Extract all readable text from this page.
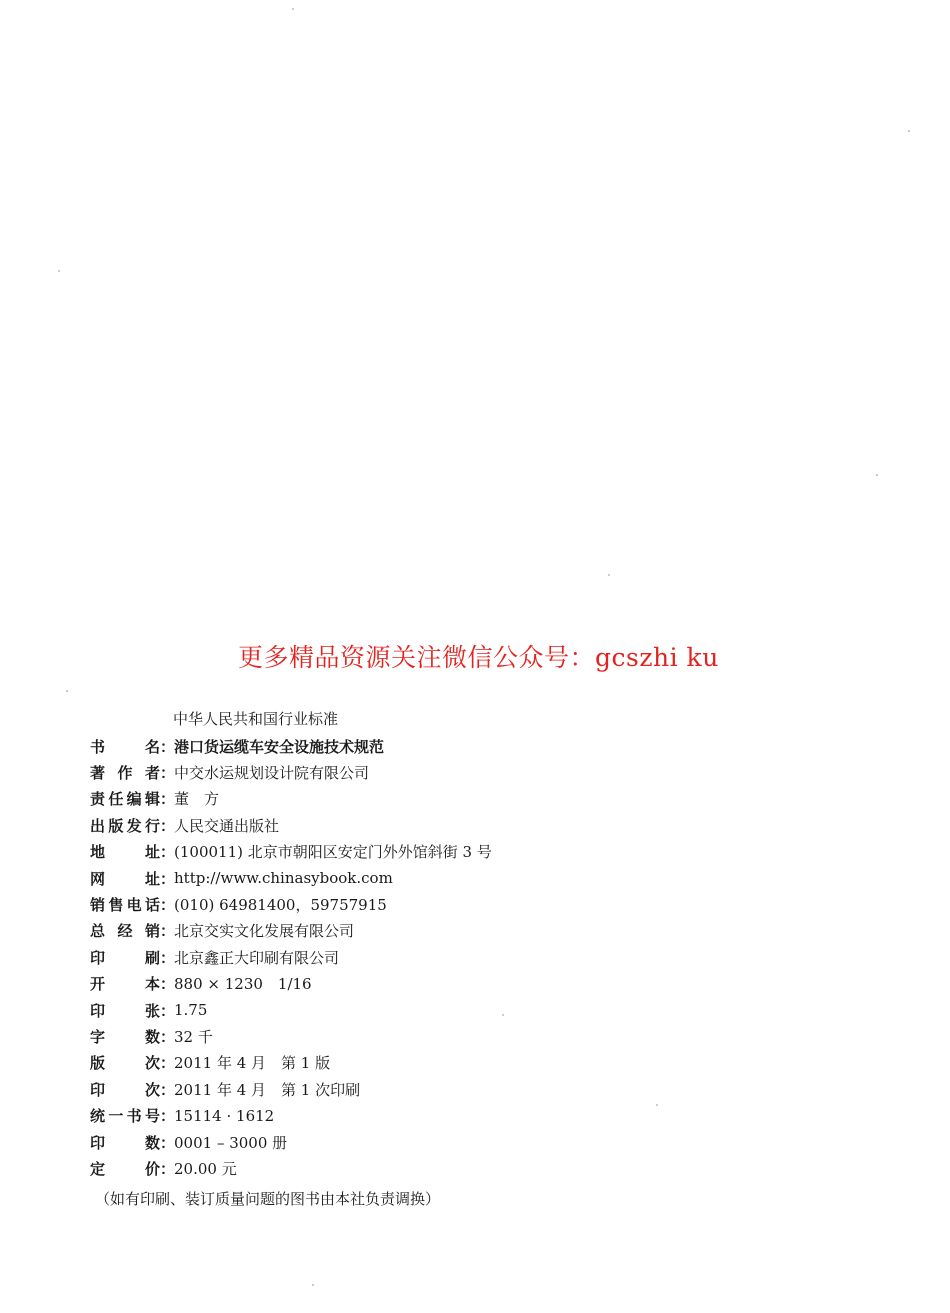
更多精品资源关注微信公众号：gcszhi ku
中华人民共和国行业标准
书名 ：
港口货运缆车安全设施技术规范
著作者 ：
中交水运规划设计院有限公司
责任编辑 ：
董　方
出版发行 ：
人民交通出版社
地址 ：
(100011) 北京市朝阳区安定门外外馆斜街 3 号
网址 ：
http://www.chinasybook.com
销售电话 ：
(010) 64981400，59757915
总经销 ：
北京交实文化发展有限公司
印刷 ：
北京鑫正大印刷有限公司
开本 ：
880 × 1230　1/16
印张 ：
1.75
字数 ：
32 千
版次 ：
2011 年 4 月　第 1 版
印次 ：
2011 年 4 月　第 1 次印刷
统一书号 ：
15114 · 1612
印数 ：
0001 – 3000 册
定价 ：
20.00 元
（如有印刷、装订质量问题的图书由本社负责调换）
